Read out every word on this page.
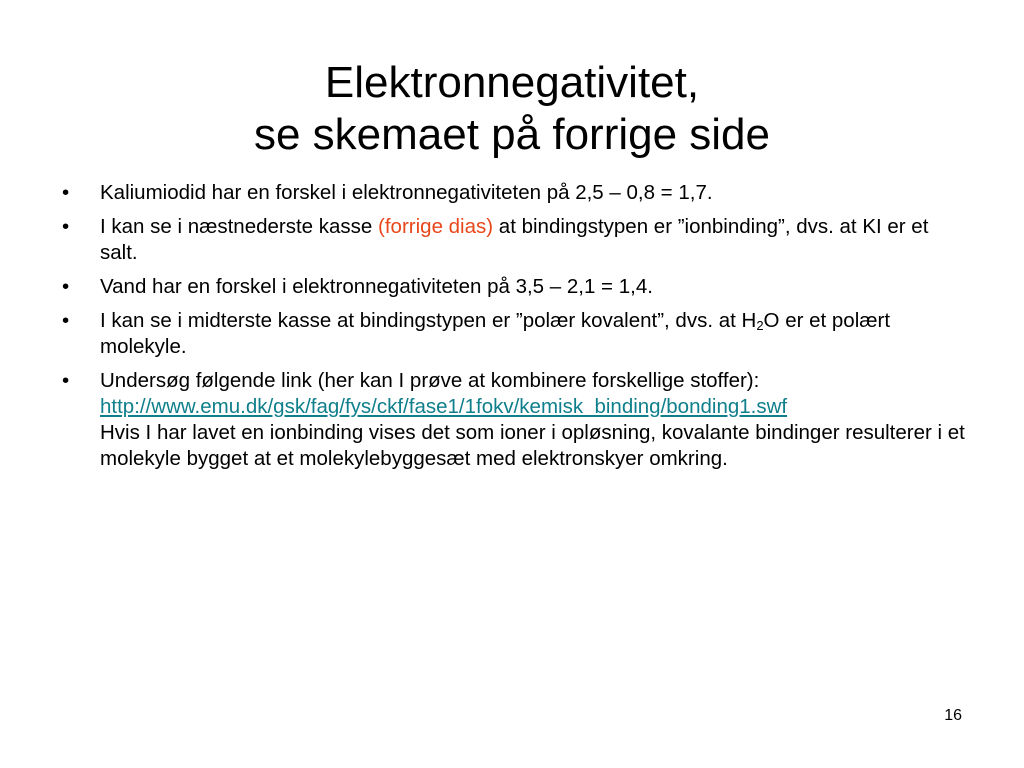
Elektronnegativitet,
se skemaet på forrige side
• Kaliumiodid har en forskel i elektronnegativiteten på 2,5 – 0,8 = 1,7.
• I kan se i næstnederste kasse (forrige dias) at bindingstypen er ”ionbinding”, dvs. at KI er et salt.
• Vand har en forskel i elektronnegativiteten på 3,5 – 2,1 = 1,4.
• I kan se i midterste kasse at bindingstypen er ”polær kovalent”, dvs. at $H_2O$ er et polært molekyle.
• Undersøg følgende link (her kan I prøve at kombinere forskellige stoffer):
http://www.emu.dk/gsk/fag/fys/ckf/fase1/1fokv/kemisk_binding/bonding1.swf
Hvis I har lavet en ionbinding vises det som ioner i opløsning, kovalante bindinger resulterer i et molekyle bygget at et molekylebyggesæt med elektronskyer omkring.
16
